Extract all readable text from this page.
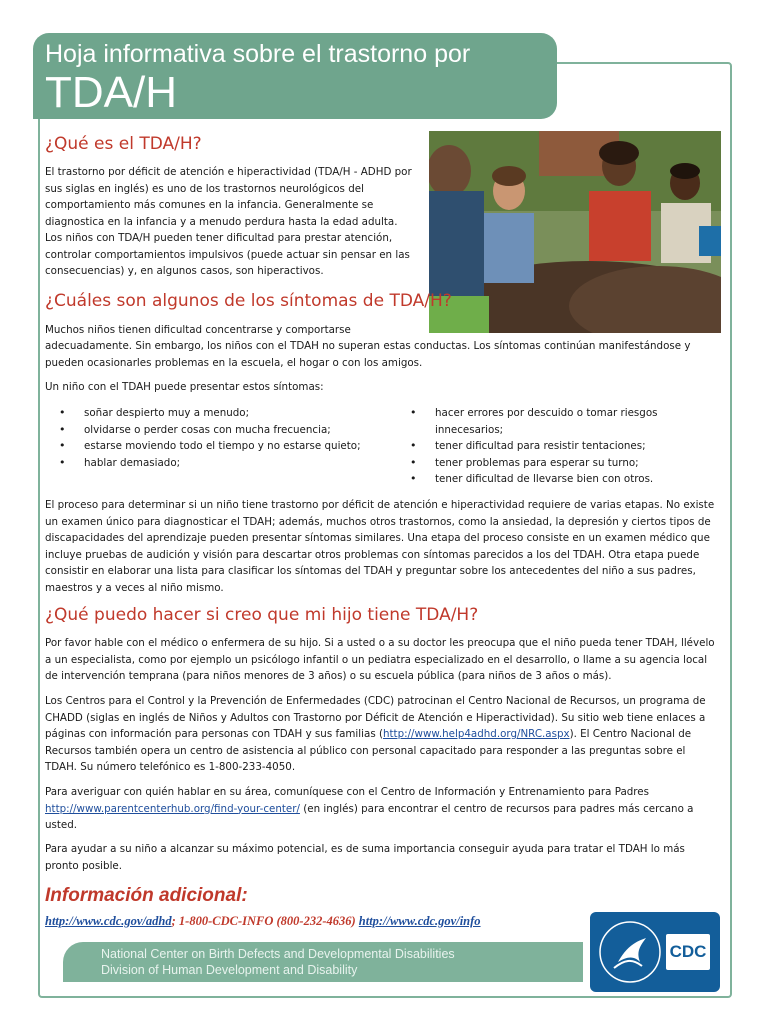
Hoja informativa sobre el trastorno por
TDA/H
¿Qué es el TDA/H?

El trastorno por déficit de atención e hiperactividad (TDA/H - ADHD por sus siglas en inglés) es uno de los trastornos neurológicos del comportamiento más comunes en la infancia. Generalmente se diagnostica en la infancia y a menudo perdura hasta la edad adulta. Los niños con TDA/H pueden tener dificultad para prestar atención, controlar comportamientos impulsivos (puede actuar sin pensar en las consecuencias) y, en algunos casos, son hiperactivos.

¿Cuáles son algunos de los síntomas de TDA/H?

Muchos niños tienen dificultad concentrarse y comportarse

adecuadamente. Sin embargo, los niños con el TDAH no superan estas conductas. Los síntomas continúan manifestándose y pueden ocasionarles problemas en la escuela, el hogar o con los amigos.

Un niño con el TDAH puede presentar estos síntomas:

• soñar despierto muy a menudo;
• olvidarse o perder cosas con mucha frecuencia;
• estarse moviendo todo el tiempo y no estarse quieto;
• hablar demasiado;
• hacer errores por descuido o tomar riesgos innecesarios;
• tener dificultad para resistir tentaciones;
• tener problemas para esperar su turno;
• tener dificultad de llevarse bien con otros.

El proceso para determinar si un niño tiene trastorno por déficit de atención e hiperactividad requiere de varias etapas. No existe un examen único para diagnosticar el TDAH; además, muchos otros trastornos, como la ansiedad, la depresión y ciertos tipos de discapacidades del aprendizaje pueden presentar síntomas similares. Una etapa del proceso consiste en un examen médico que incluye pruebas de audición y visión para descartar otros problemas con síntomas parecidos a los del TDAH. Otra etapa puede consistir en elaborar una lista para clasificar los síntomas del TDAH y preguntar sobre los antecedentes del niño a sus padres, maestros y a veces al niño mismo.

¿Qué puedo hacer si creo que mi hijo tiene TDA/H?

Por favor hable con el médico o enfermera de su hijo. Si a usted o a su doctor les preocupa que el niño pueda tener TDAH, llévelo a un especialista, como por ejemplo un psicólogo infantil o un pediatra especializado en el desarrollo, o llame a su agencia local de intervención temprana (para niños menores de 3 años) o su escuela pública (para niños de 3 años o más).

Los Centros para el Control y la Prevención de Enfermedades (CDC) patrocinan el Centro Nacional de Recursos, un programa de CHADD (siglas en inglés de Niños y Adultos con Trastorno por Déficit de Atención e Hiperactividad). Su sitio web tiene enlaces a páginas con información para personas con TDAH y sus familias (http://www.help4adhd.org/NRC.aspx). El Centro Nacional de Recursos también opera un centro de asistencia al público con personal capacitado para responder a las preguntas sobre el TDAH. Su número telefónico es 1-800-233-4050.

Para averiguar con quién hablar en su área, comuníquese con el Centro de Información y Entrenamiento para Padres http://www.parentcenterhub.org/find-your-center/ (en inglés) para encontrar el centro de recursos para padres más cercano a usted.

Para ayudar a su niño a alcanzar su máximo potencial, es de suma importancia conseguir ayuda para tratar el TDAH lo más pronto posible.

Información adicional:
http://www.cdc.gov/adhd; 1-800-CDC-INFO (800-232-4636) http://www.cdc.gov/info
National Center on Birth Defects and Developmental Disabilities
Division of Human Development and Disability
CDC
